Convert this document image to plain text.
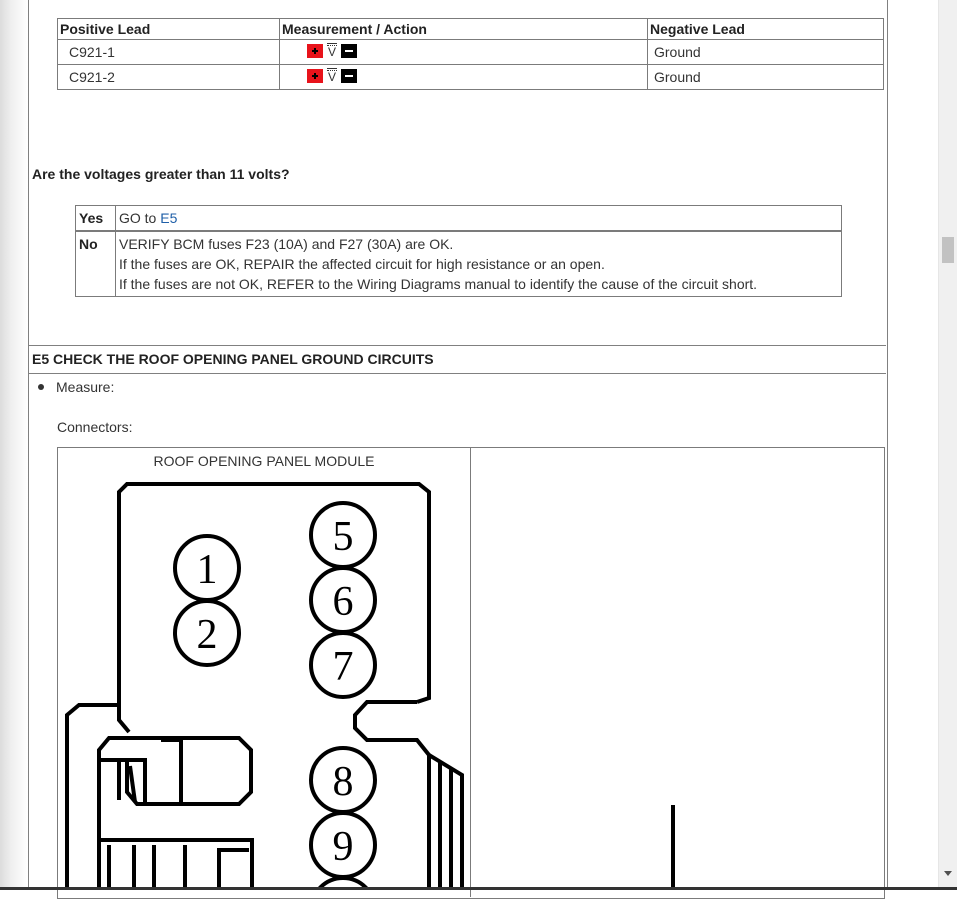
Positive Lead	Measurement / Action	Negative Lead
C921-1	V	Ground
C921-2	V	Ground
Are the voltages greater than 11 volts?
Yes	GO to E5
No	VERIFY BCM fuses F23 (10A) and F27 (30A) are OK.
If the fuses are OK, REPAIR the affected circuit for high resistance or an open.
If the fuses are not OK, REFER to the Wiring Diagrams manual to identify the cause of the circuit short.
E5 CHECK THE ROOF OPENING PANEL GROUND CIRCUITS
Measure:
Connectors:
ROOF OPENING PANEL MODULE
1
2
5
6
7
8
9
